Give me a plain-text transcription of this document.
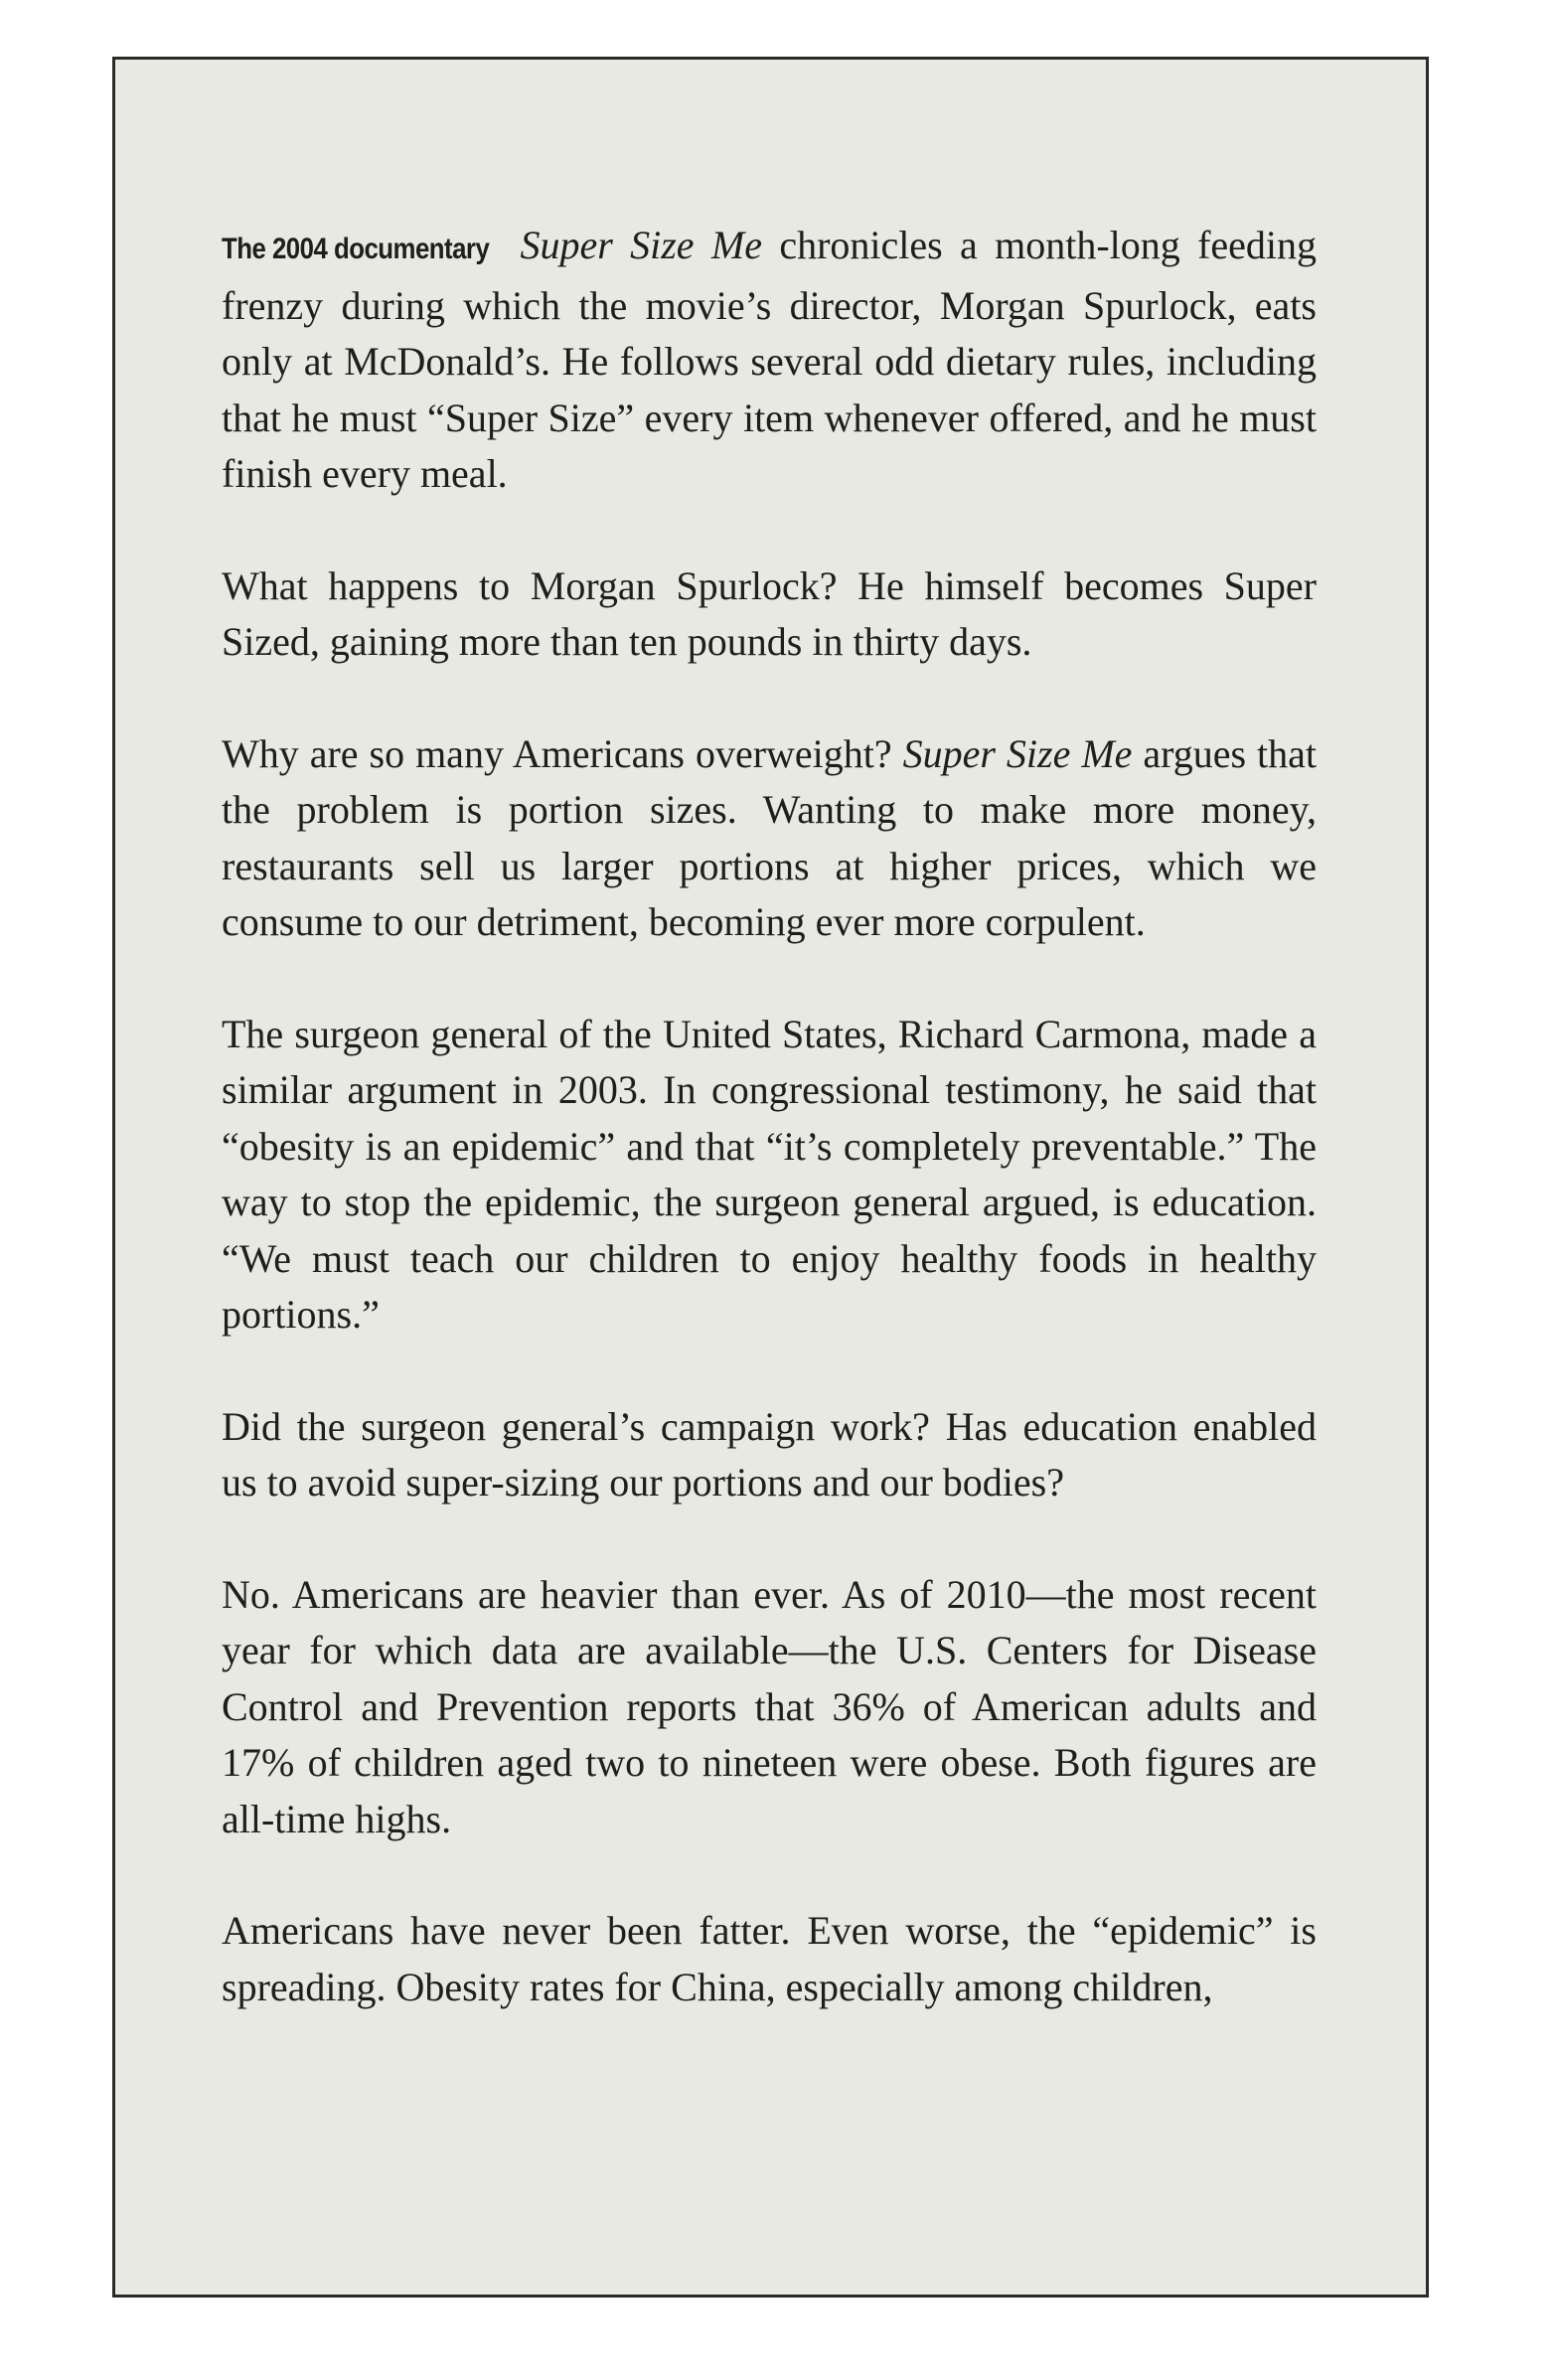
The 2004 documentary Super Size Me chronicles a month-long feeding frenzy during which the movie’s director, Morgan Spurlock, eats only at McDonald’s. He follows several odd dietary rules, including that he must “Super Size” every item whenever offered, and he must finish every meal.

What happens to Morgan Spurlock? He himself becomes Super Sized, gaining more than ten pounds in thirty days.

Why are so many Americans overweight? Super Size Me argues that the problem is portion sizes. Wanting to make more money, restaurants sell us larger portions at higher prices, which we consume to our detriment, becoming ever more corpulent.

The surgeon general of the United States, Richard Carmona, made a similar argument in 2003. In congressional testimony, he said that “obesity is an epidemic” and that “it’s completely preventable.” The way to stop the epidemic, the surgeon general argued, is education. “We must teach our children to enjoy healthy foods in healthy portions.”

Did the surgeon general’s campaign work? Has education enabled us to avoid super-sizing our portions and our bodies?

No. Americans are heavier than ever. As of 2010—the most recent year for which data are available—the U.S. Centers for Disease Control and Prevention reports that 36% of American adults and 17% of children aged two to nineteen were obese. Both figures are all-time highs.

Americans have never been fatter. Even worse, the “epidemic” is spreading. Obesity rates for China, especially among children,
